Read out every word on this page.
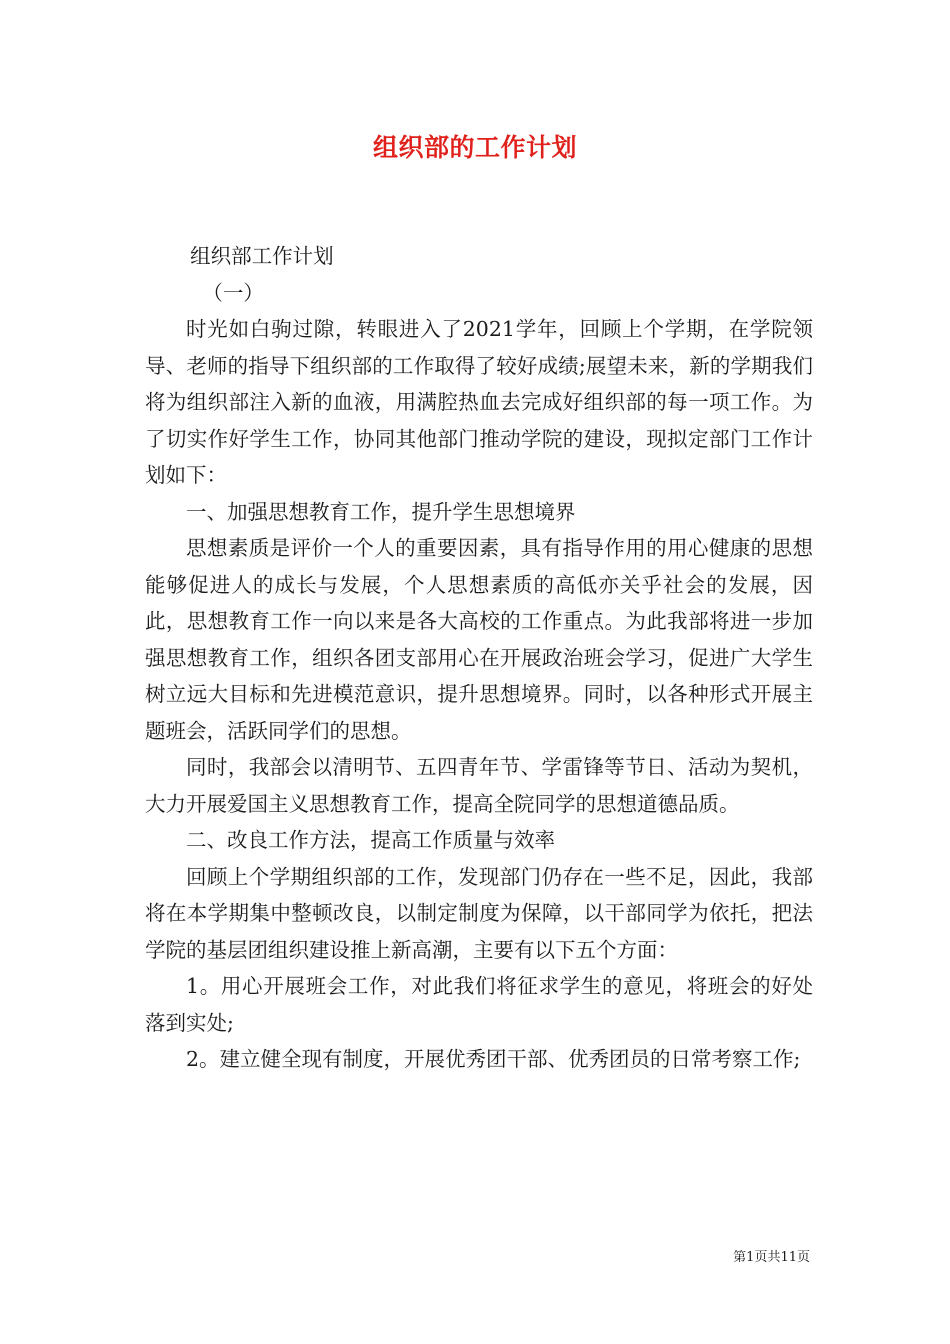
组织部的工作计划

组织部工作计划

（一）

时光如白驹过隙，转眼进入了2021学年，回顾上个学期，在学院领导、老师的指导下组织部的工作取得了较好成绩;展望未来，新的学期我们将为组织部注入新的血液，用满腔热血去完成好组织部的每一项工作。为了切实作好学生工作，协同其他部门推动学院的建设，现拟定部门工作计划如下：

一、加强思想教育工作，提升学生思想境界

思想素质是评价一个人的重要因素，具有指导作用的用心健康的思想能够促进人的成长与发展，个人思想素质的高低亦关乎社会的发展，因此，思想教育工作一向以来是各大高校的工作重点。为此我部将进一步加强思想教育工作，组织各团支部用心在开展政治班会学习，促进广大学生树立远大目标和先进模范意识，提升思想境界。同时，以各种形式开展主题班会，活跃同学们的思想。

同时，我部会以清明节、五四青年节、学雷锋等节日、活动为契机，大力开展爱国主义思想教育工作，提高全院同学的思想道德品质。

二、改良工作方法，提高工作质量与效率

回顾上个学期组织部的工作，发现部门仍存在一些不足，因此，我部将在本学期集中整顿改良，以制定制度为保障，以干部同学为依托，把法学院的基层团组织建设推上新高潮，主要有以下五个方面：

1。用心开展班会工作，对此我们将征求学生的意见，将班会的好处落到实处;

2。建立健全现有制度，开展优秀团干部、优秀团员的日常考察工作;

第1页共11页
